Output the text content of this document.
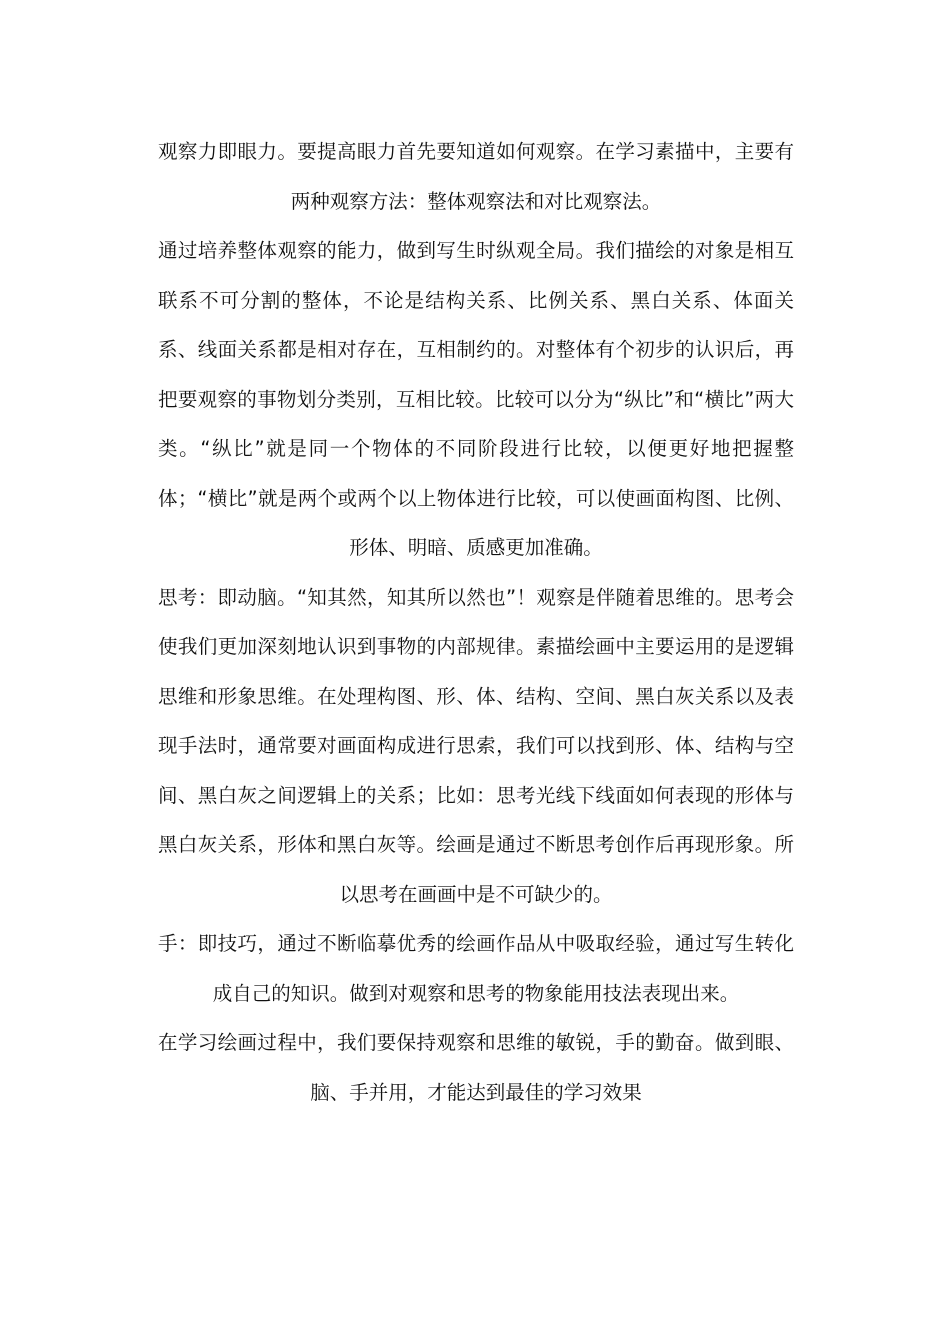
观察力即眼力。要提高眼力首先要知道如何观察。在学习素描中，主要有两种观察方法：整体观察法和对比观察法。

通过培养整体观察的能力，做到写生时纵观全局。我们描绘的对象是相互联系不可分割的整体，不论是结构关系、比例关系、黑白关系、体面关系、线面关系都是相对存在，互相制约的。对整体有个初步的认识后，再把要观察的事物划分类别，互相比较。比较可以分为“纵比”和“横比”两大类。“纵比”就是同一个物体的不同阶段进行比较，以便更好地把握整体；“横比”就是两个或两个以上物体进行比较，可以使画面构图、比例、形体、明暗、质感更加准确。

思考：即动脑。“知其然，知其所以然也”！观察是伴随着思维的。思考会使我们更加深刻地认识到事物的内部规律。素描绘画中主要运用的是逻辑思维和形象思维。在处理构图、形、体、结构、空间、黑白灰关系以及表现手法时，通常要对画面构成进行思索，我们可以找到形、体、结构与空间、黑白灰之间逻辑上的关系；比如：思考光线下线面如何表现的形体与黑白灰关系，形体和黑白灰等。绘画是通过不断思考创作后再现形象。所以思考在画画中是不可缺少的。

手：即技巧，通过不断临摹优秀的绘画作品从中吸取经验，通过写生转化成自己的知识。做到对观察和思考的物象能用技法表现出来。

在学习绘画过程中，我们要保持观察和思维的敏锐，手的勤奋。做到眼、脑、手并用，才能达到最佳的学习效果
